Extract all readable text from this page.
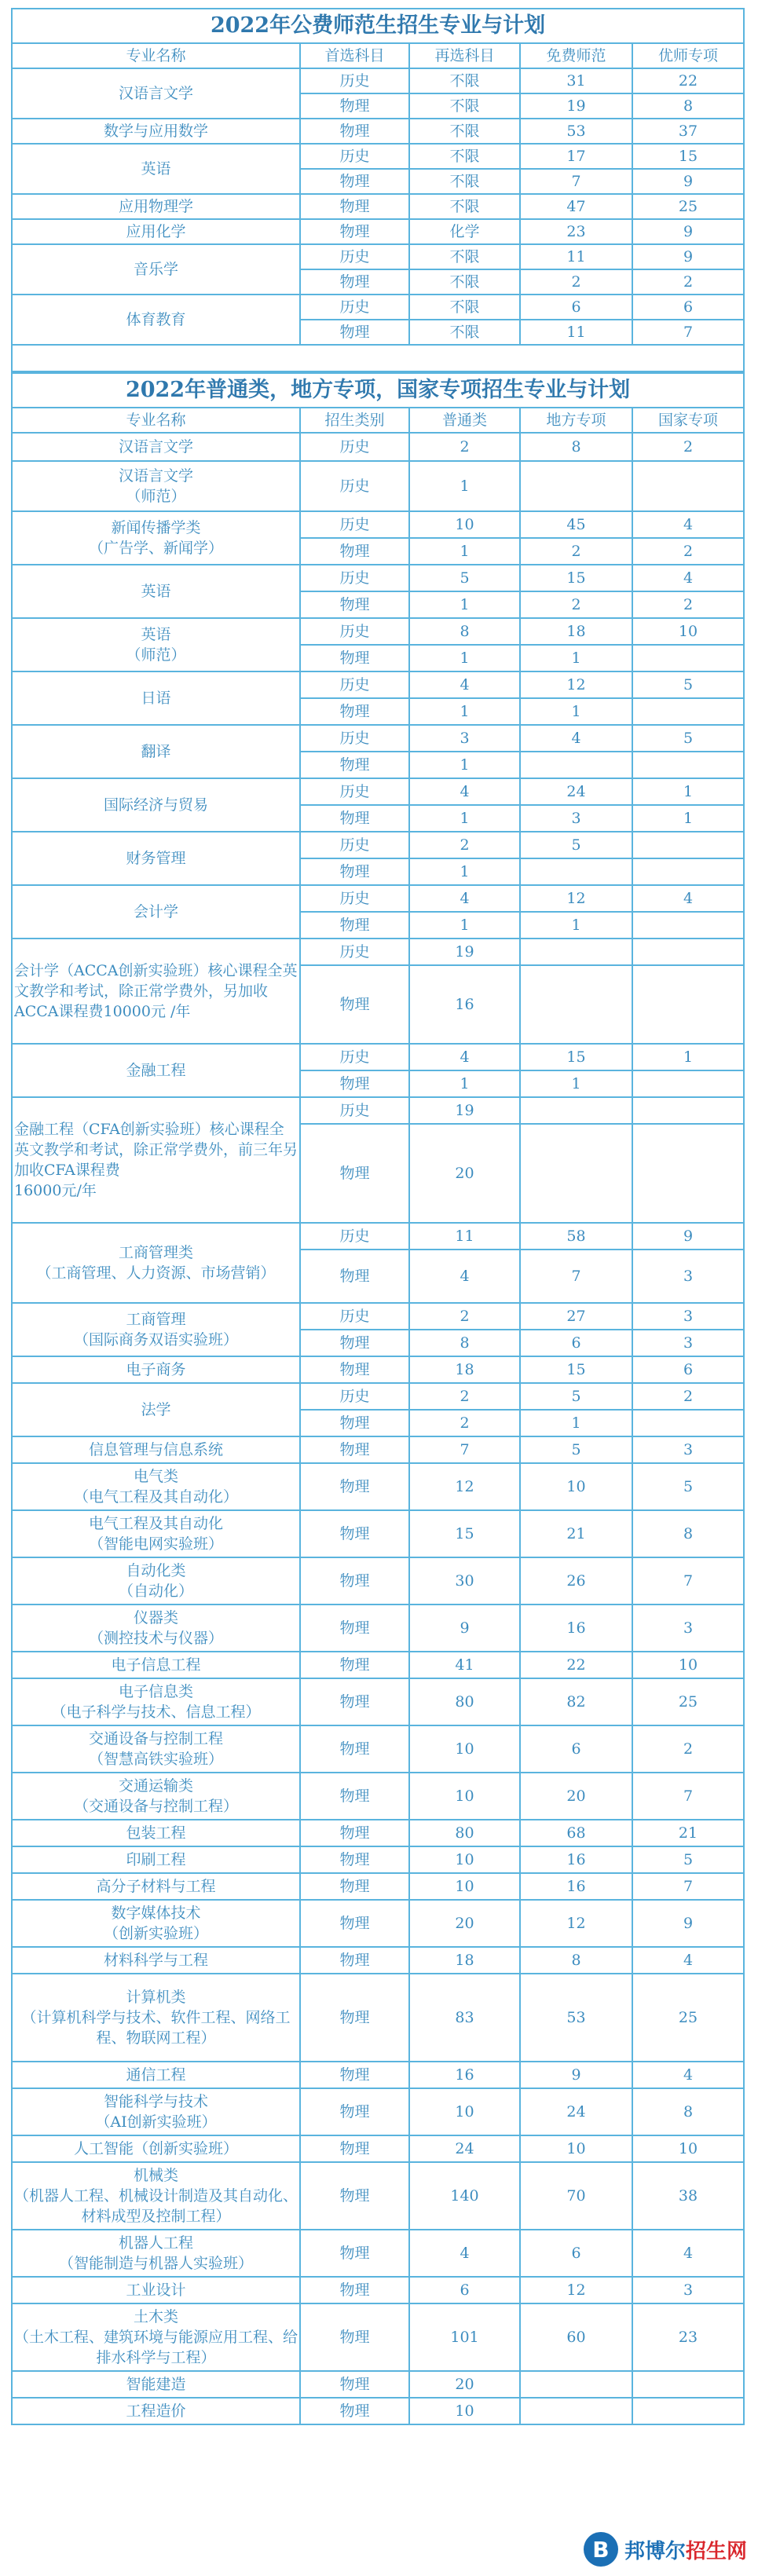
2022年公费师范生招生专业与计划				
专业名称	首选科目	再选科目	免费师范	优师专项
汉语言文学	历史	不限	31	22
	物理	不限	19	8
数学与应用数学	物理	不限	53	37
英语	历史	不限	17	15
	物理	不限	7	9
应用物理学	物理	不限	47	25
应用化学	物理	化学	23	9
音乐学	历史	不限	11	9
	物理	不限	2	2
体育教育	历史	不限	6	6
	物理	不限	11	7

2022年普通类，地方专项，国家专项招生专业与计划				
专业名称	招生类别	普通类	地方专项	国家专项
汉语言文学	历史	2	8	2
汉语言文学
（师范）	历史	1		
新闻传播学类
（广告学、新闻学）	历史	10	45	4
	物理	1	2	2
英语	历史	5	15	4
	物理	1	2	2
英语
（师范）	历史	8	18	10
	物理	1	1	
日语	历史	4	12	5
	物理	1	1	
翻译	历史	3	4	5
	物理	1		
国际经济与贸易	历史	4	24	1
	物理	1	3	1
财务管理	历史	2	5	
	物理	1		
会计学	历史	4	12	4
	物理	1	1	
会计学（ACCA创新实验班）核心课程全英文教学和考试，除正常学费外，另加收ACCA课程费10000元 /年	历史	19		
	物理	16		
金融工程	历史	4	15	1
	物理	1	1	
金融工程（CFA创新实验班）核心课程全英文教学和考试，除正常学费外，前三年另加收CFA课程费
16000元/年	历史	19		
	物理	20		
工商管理类
（工商管理、人力资源、市场营销）	历史	11	58	9
	物理	4	7	3
工商管理
（国际商务双语实验班）	历史	2	27	3
	物理	8	6	3
电子商务	物理	18	15	6
法学	历史	2	5	2
	物理	2	1	
信息管理与信息系统	物理	7	5	3
电气类
（电气工程及其自动化）	物理	12	10	5
电气工程及其自动化
（智能电网实验班）	物理	15	21	8
自动化类
（自动化）	物理	30	26	7
仪器类
（测控技术与仪器）	物理	9	16	3
电子信息工程	物理	41	22	10
电子信息类
（电子科学与技术、信息工程）	物理	80	82	25
交通设备与控制工程
（智慧高铁实验班）	物理	10	6	2
交通运输类
（交通设备与控制工程）	物理	10	20	7
包装工程	物理	80	68	21
印刷工程	物理	10	16	5
高分子材料与工程	物理	10	16	7
数字媒体技术
（创新实验班）	物理	20	12	9
材料科学与工程	物理	18	8	4
计算机类
（计算机科学与技术、软件工程、网络工程、物联网工程）	物理	83	53	25
通信工程	物理	16	9	4
智能科学与技术
（AI创新实验班）	物理	10	24	8
人工智能（创新实验班）	物理	24	10	10
机械类
（机器人工程、机械设计制造及其自动化、材料成型及控制工程）	物理	140	70	38
机器人工程
（智能制造与机器人实验班）	物理	4	6	4
工业设计	物理	6	12	3
土木类
（土木工程、建筑环境与能源应用工程、给排水科学与工程）	物理	101	60	23
智能建造	物理	20		
工程造价	物理	10		
B 邦博尔 招生网
